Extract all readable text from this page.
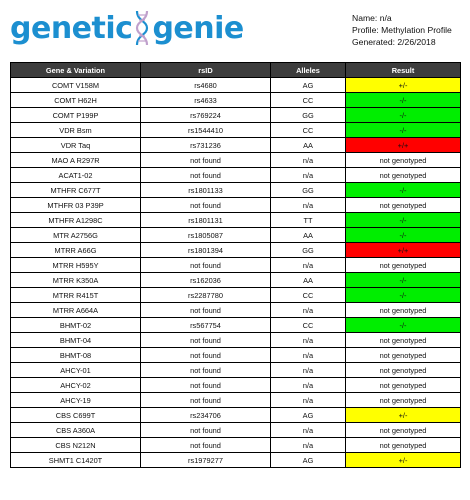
genetic genie	Name: n/a
Profile: Methylation Profile
Generated: 2/26/2018
Gene & Variation	rsID	Alleles	Result
COMT V158M	rs4680	AG	+/-
COMT H62H	rs4633	CC	-/-
COMT P199P	rs769224	GG	-/-
VDR Bsm	rs1544410	CC	-/-
VDR Taq	rs731236	AA	+/+
MAO A R297R	not found	n/a	not genotyped
ACAT1-02	not found	n/a	not genotyped
MTHFR C677T	rs1801133	GG	-/-
MTHFR 03 P39P	not found	n/a	not genotyped
MTHFR A1298C	rs1801131	TT	-/-
MTR A2756G	rs1805087	AA	-/-
MTRR A66G	rs1801394	GG	+/+
MTRR H595Y	not found	n/a	not genotyped
MTRR K350A	rs162036	AA	-/-
MTRR R415T	rs2287780	CC	-/-
MTRR A664A	not found	n/a	not genotyped
BHMT-02	rs567754	CC	-/-
BHMT-04	not found	n/a	not genotyped
BHMT-08	not found	n/a	not genotyped
AHCY-01	not found	n/a	not genotyped
AHCY-02	not found	n/a	not genotyped
AHCY-19	not found	n/a	not genotyped
CBS C699T	rs234706	AG	+/-
CBS A360A	not found	n/a	not genotyped
CBS N212N	not found	n/a	not genotyped
SHMT1 C1420T	rs1979277	AG	+/-
